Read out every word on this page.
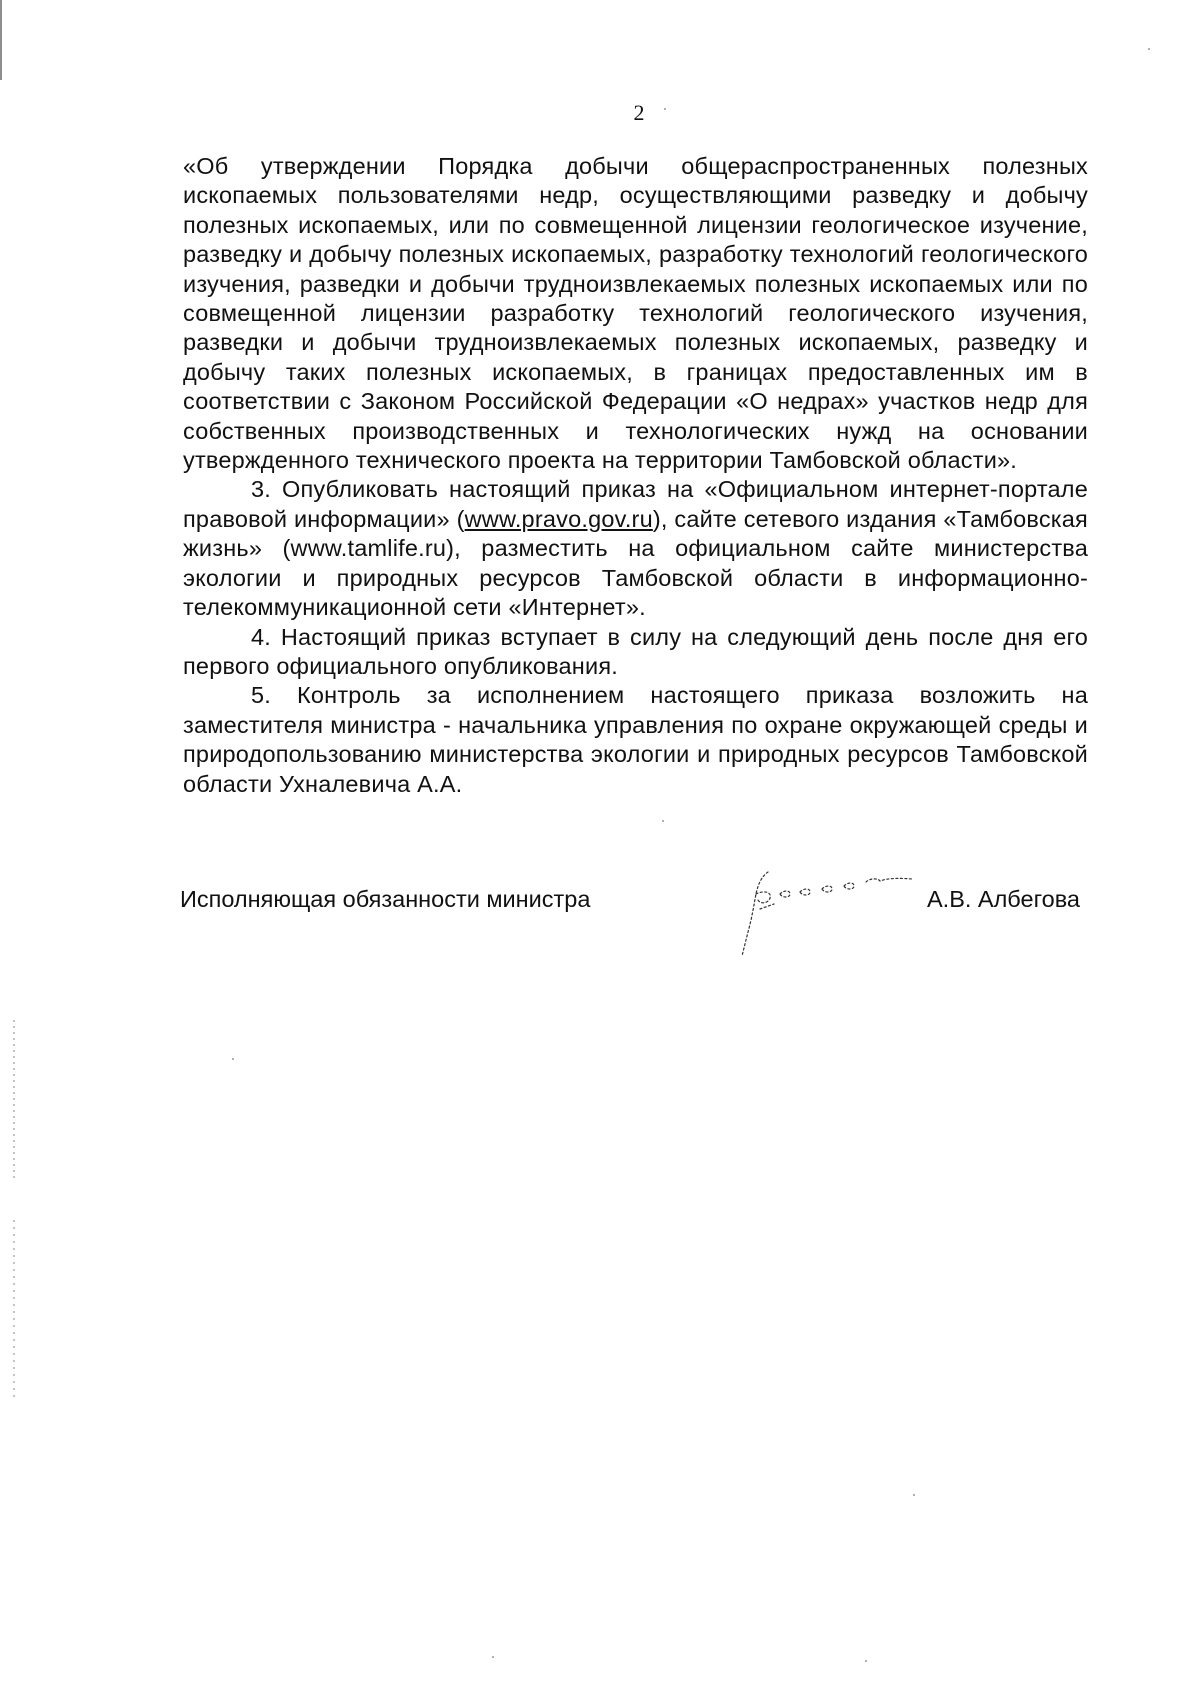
2

«Об утверждении Порядка добычи общераспространенных полезных ископаемых пользователями недр, осуществляющими разведку и добычу полезных ископаемых, или по совмещенной лицензии геологическое изучение, разведку и добычу полезных ископаемых, разработку технологий геологического изучения, разведки и добычи трудноизвлекаемых полезных ископаемых или по совмещенной лицензии разработку технологий геологического изучения, разведки и добычи трудноизвлекаемых полезных ископаемых, разведку и добычу таких полезных ископаемых, в границах предоставленных им в соответствии с Законом Российской Федерации «О недрах» участков недр для собственных производственных и технологических нужд на основании утвержденного технического проекта на территории Тамбовской области».

3. Опубликовать настоящий приказ на «Официальном интернет-портале правовой информации» (www.pravo.gov.ru), сайте сетевого издания «Тамбовская жизнь» (www.tamlife.ru), разместить на официальном сайте министерства экологии и природных ресурсов Тамбовской области в информационно-телекоммуникационной сети «Интернет».

4. Настоящий приказ вступает в силу на следующий день после дня его первого официального опубликования.

5. Контроль за исполнением настоящего приказа возложить на заместителя министра - начальника управления по охране окружающей среды и природопользованию министерства экологии и природных ресурсов Тамбовской области Ухналевича А.А.

Исполняющая обязанности министра	А.В. Албегова
